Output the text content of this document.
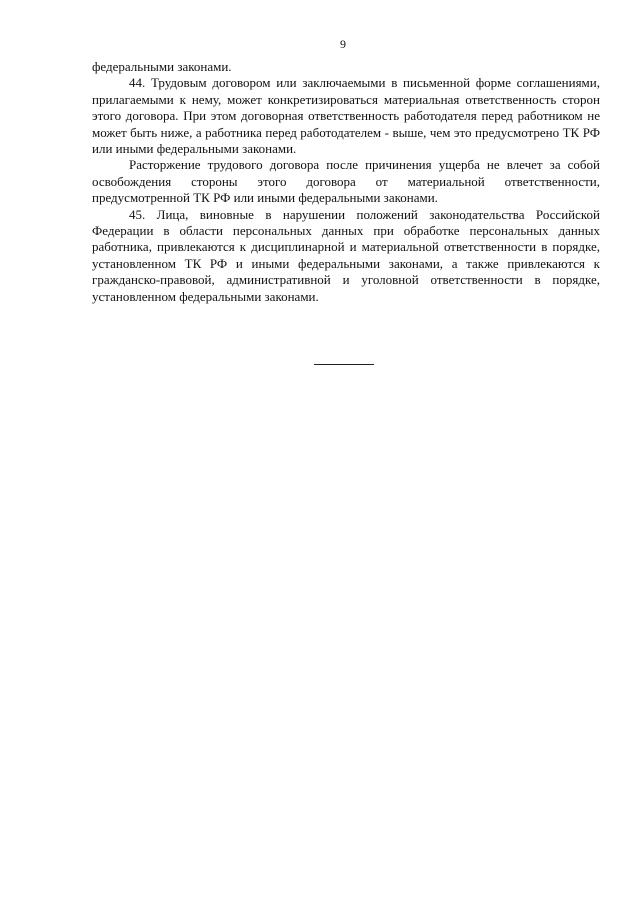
9

федеральными законами.

44. Трудовым договором или заключаемыми в письменной форме соглашениями, прилагаемыми к нему, может конкретизироваться материальная ответственность сторон этого договора. При этом договорная ответственность работодателя перед работником не может быть ниже, а работника перед работодателем - выше, чем это предусмотрено ТК РФ или иными федеральными законами.

Расторжение трудового договора после причинения ущерба не влечет за собой освобождения стороны этого договора от материальной ответственности, предусмотренной ТК РФ или иными федеральными законами.

45. Лица, виновные в нарушении положений законодательства Российской Федерации в области персональных данных при обработке персональных данных работника, привлекаются к дисциплинарной и материальной ответственности в порядке, установленном ТК РФ и иными федеральными законами, а также привлекаются к гражданско-правовой, административной и уголовной ответственности в порядке, установленном федеральными законами.
